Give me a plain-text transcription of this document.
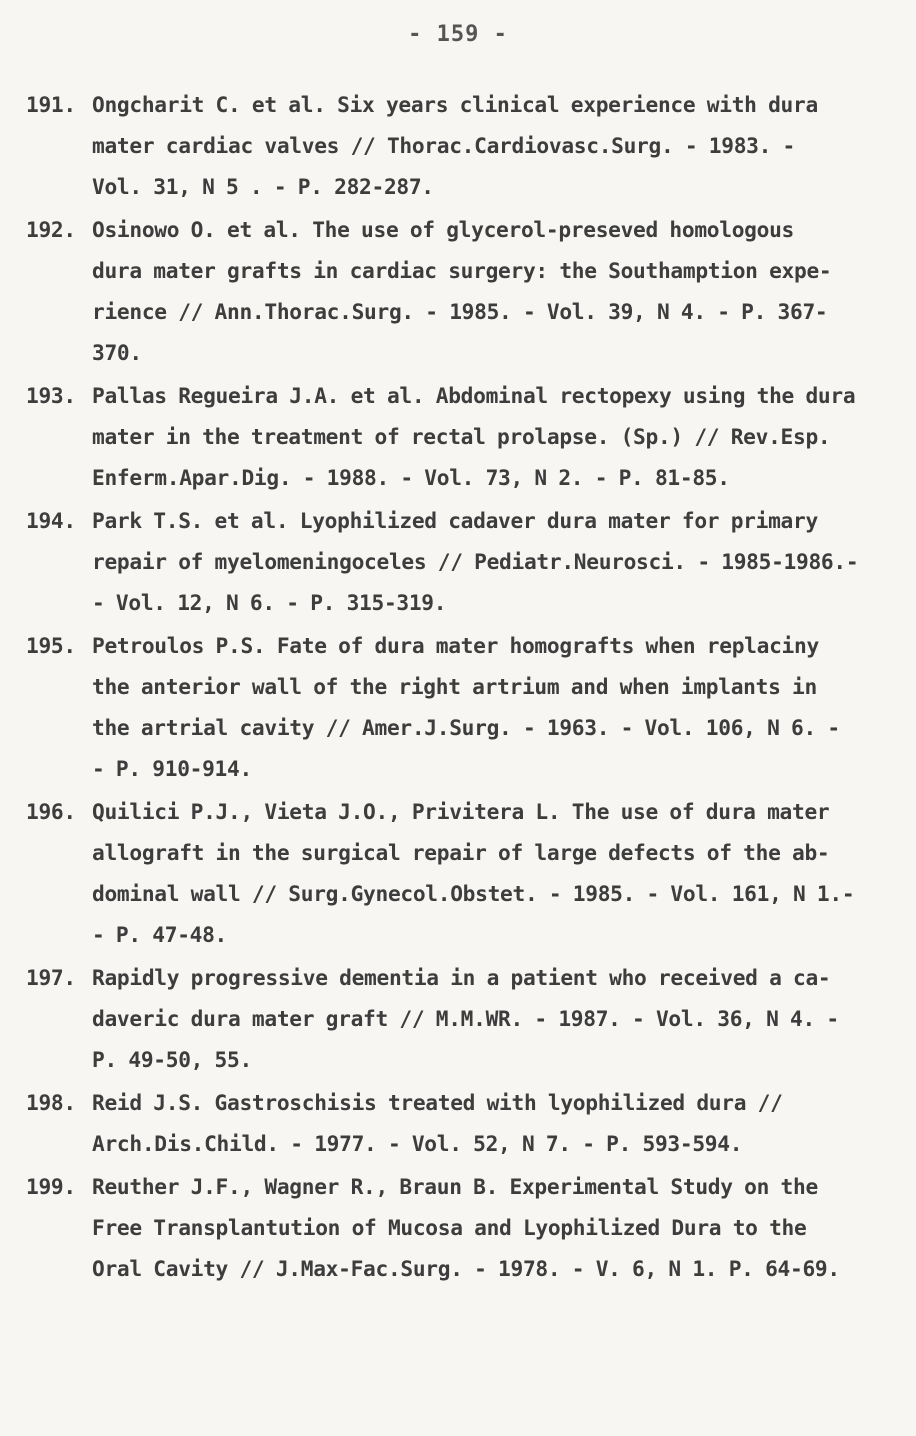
- 159 -
191. Ongcharit C. et al. Six years clinical experience with dura
mater cardiac valves // Thorac.Cardiovasc.Surg. - 1983. -
Vol. 31, N 5 . - P. 282-287.
192. Osinowo O. et al. The use of glycerol-preseved homologous
dura mater grafts in cardiac surgery: the Southamption expe-
rience // Ann.Thorac.Surg. - 1985. - Vol. 39, N 4. - P. 367-
370.
193. Pallas Regueira J.A. et al. Abdominal rectopexy using the dura
mater in the treatment of rectal prolapse. (Sp.) // Rev.Esp.
Enferm.Apar.Dig. - 1988. - Vol. 73, N 2. - P. 81-85.
194. Park T.S. et al. Lyophilized cadaver dura mater for primary
repair of myelomeningoceles // Pediatr.Neurosci. - 1985-1986.-
- Vol. 12, N 6. - P. 315-319.
195. Petroulos P.S. Fate of dura mater homografts when replaciny
the anterior wall of the right artrium and when implants in
the artrial cavity // Amer.J.Surg. - 1963. - Vol. 106, N 6. -
- P. 910-914.
196. Quilici P.J., Vieta J.O., Privitera L. The use of dura mater
allograft in the surgical repair of large defects of the ab-
dominal wall // Surg.Gynecol.Obstet. - 1985. - Vol. 161, N 1.-
- P. 47-48.
197. Rapidly progressive dementia in a patient who received a ca-
daveric dura mater graft // M.M.WR. - 1987. - Vol. 36, N 4. -
P. 49-50, 55.
198. Reid J.S. Gastroschisis treated with lyophilized dura //
Arch.Dis.Child. - 1977. - Vol. 52, N 7. - P. 593-594.
199. Reuther J.F., Wagner R., Braun B. Experimental Study on the
Free Transplantution of Mucosa and Lyophilized Dura to the
Oral Cavity // J.Max-Fac.Surg. - 1978. - V. 6, N 1. P. 64-69.
